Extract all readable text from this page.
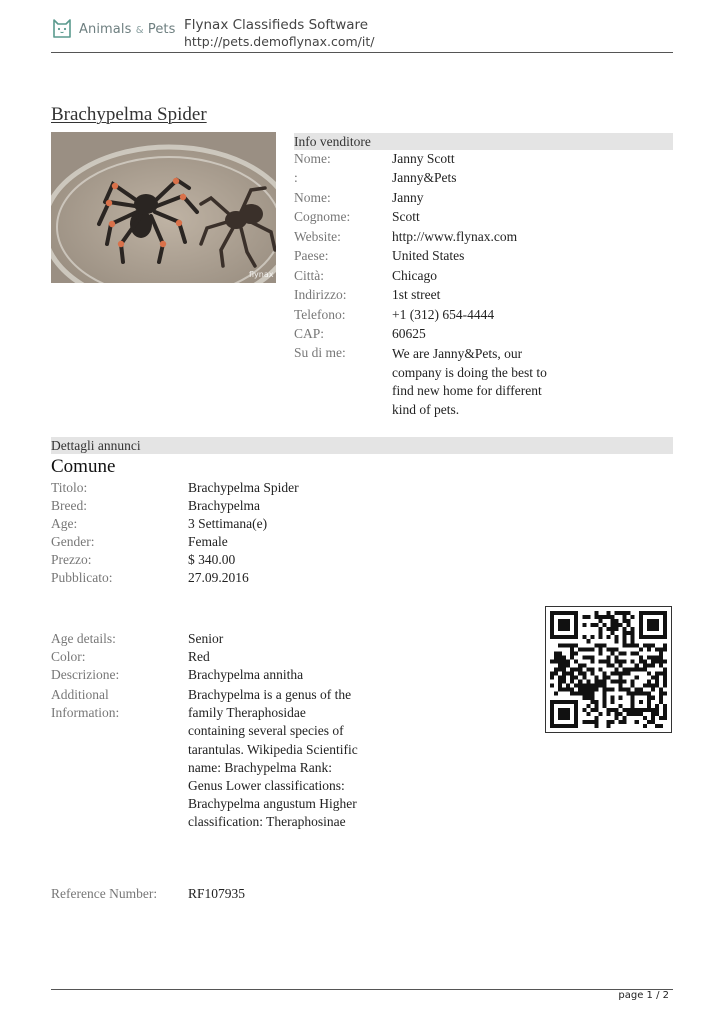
Animals & Pets Flynax Classifieds Software
http://pets.demoflynax.com/it/
Brachypelma Spider
flynax
Info venditore
Nome:	Janny Scott
:	Janny&Pets
Nome:	Janny
Cognome:	Scott
Website:	http://www.flynax.com
Paese:	United States
Città:	Chicago
Indirizzo:	1st street
Telefono:	+1 (312) 654-4444
CAP:	60625
Su di me:	We are Janny&Pets, our company is doing the best to find new home for different kind of pets.
Dettagli annunci
Comune
Titolo:	Brachypelma Spider
Breed:	Brachypelma
Age:	3 Settimana(e)
Gender:	Female
Prezzo:	$ 340.00
Pubblicato:	27.09.2016
Age details:	Senior
Color:	Red
Descrizione:	Brachypelma annitha
Additional
Information:
Brachypelma is a genus of the family Theraphosidae containing several species of tarantulas. Wikipedia Scientific name: Brachypelma Rank: Genus Lower classifications: Brachypelma angustum Higher classification: Theraphosinae
Reference Number: RF107935
page 1 / 2
